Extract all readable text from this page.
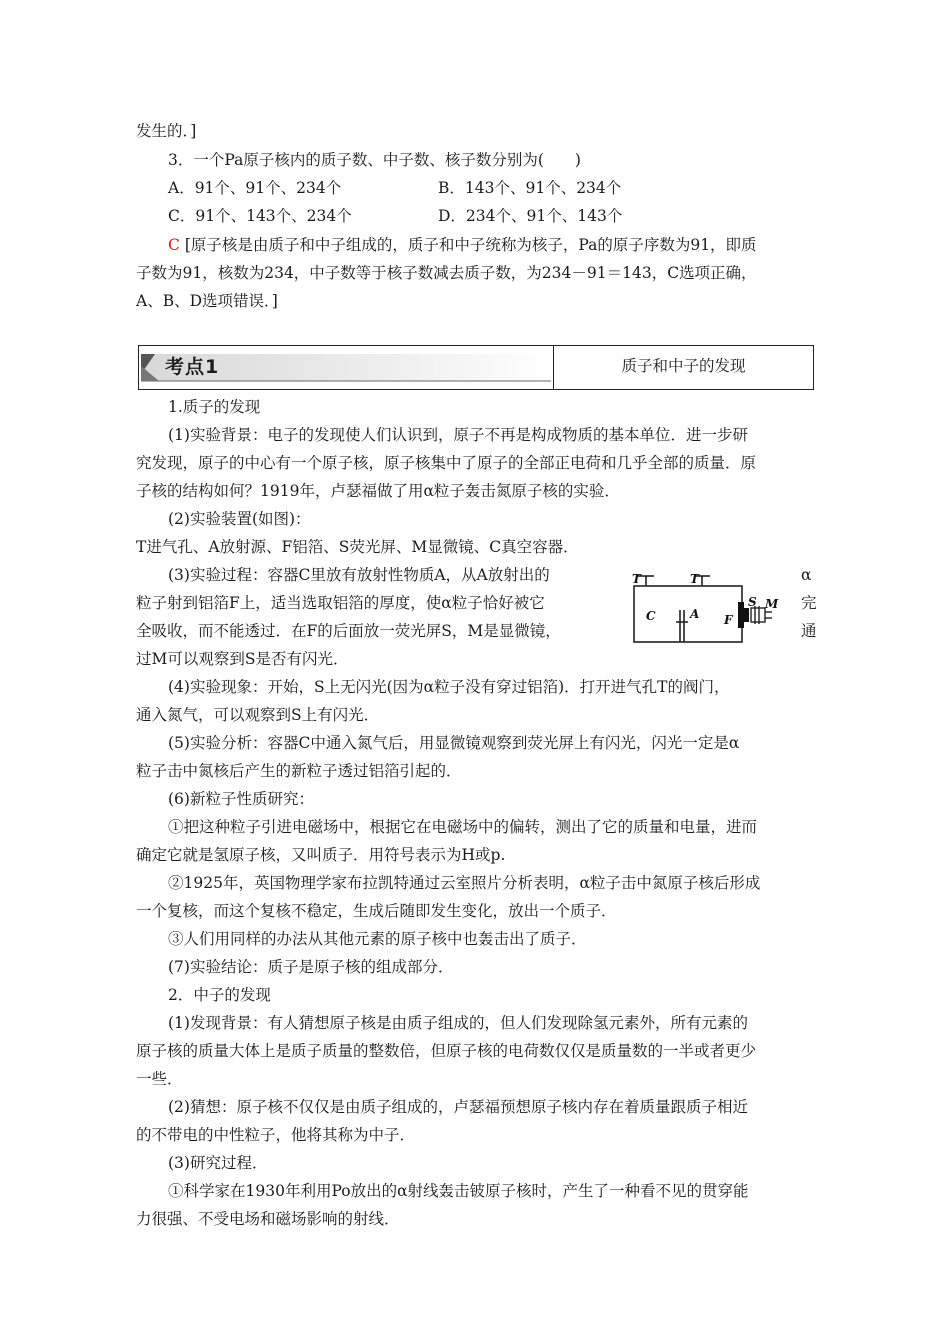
发生的．]
3．一个Pa原子核内的质子数、中子数、核子数分别为(　　)
A．91个、91个、234个	B．143个、91个、234个
C．91个、143个、234个	D．234个、91个、143个
C [原子核是由质子和中子组成的，质子和中子统称为核子，Pa的原子序数为91，即质
子数为91，核数为234，中子数等于核子数减去质子数，为234－91＝143，C选项正确，
A、B、D选项错误．]
考点1	质子和中子的发现
1.质子的发现
(1)实验背景：电子的发现使人们认识到，原子不再是构成物质的基本单位．进一步研
究发现，原子的中心有一个原子核，原子核集中了原子的全部正电荷和几乎全部的质量．原
子核的结构如何？1919年，卢瑟福做了用α粒子轰击氮原子核的实验．
(2)实验装置(如图)：
T进气孔、A放射源、F铝箔、S荧光屏、M显微镜、C真空容器．
(3)实验过程：容器C里放有放射性物质A，从A放射出的
粒子射到铝箔F上，适当选取铝箔的厚度，使α粒子恰好被它
全吸收，而不能透过．在F的后面放一荧光屏S，M是显微镜，
过M可以观察到S是否有闪光．
α
完
通
T	T
C	A F
S M
(4)实验现象：开始，S上无闪光(因为α粒子没有穿过铝箔)．打开进气孔T的阀门，
通入氮气，可以观察到S上有闪光．
(5)实验分析：容器C中通入氮气后，用显微镜观察到荧光屏上有闪光，闪光一定是α
粒子击中氮核后产生的新粒子透过铝箔引起的．
(6)新粒子性质研究：
①把这种粒子引进电磁场中，根据它在电磁场中的偏转，测出了它的质量和电量，进而
确定它就是氢原子核，又叫质子．用符号表示为H或p.
②1925年，英国物理学家布拉凯特通过云室照片分析表明，α粒子击中氮原子核后形成
一个复核，而这个复核不稳定，生成后随即发生变化，放出一个质子．
③人们用同样的办法从其他元素的原子核中也轰击出了质子．
(7)实验结论：质子是原子核的组成部分．
2．中子的发现
(1)发现背景：有人猜想原子核是由质子组成的，但人们发现除氢元素外，所有元素的
原子核的质量大体上是质子质量的整数倍，但原子核的电荷数仅仅是质量数的一半或者更少
一些．
(2)猜想：原子核不仅仅是由质子组成的，卢瑟福预想原子核内存在着质量跟质子相近
的不带电的中性粒子，他将其称为中子．
(3)研究过程．
①科学家在1930年利用Po放出的α射线轰击铍原子核时，产生了一种看不见的贯穿能
力很强、不受电场和磁场影响的射线．
